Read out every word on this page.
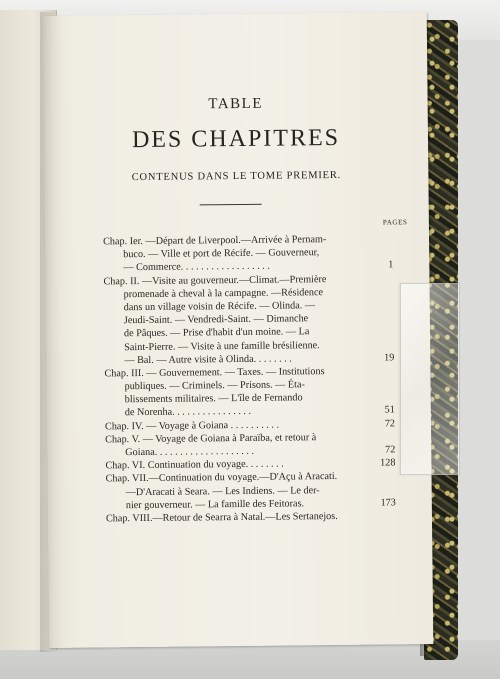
TABLE
DES CHAPITRES
CONTENUS DANS LE TOME PREMIER.
PAGES
Chap. Ier. —Départ de Liverpool.—Arrivée à Pernam-
buco. — Ville et port de Récife. — Gouverneur,
— Commerce. . . . . . . . . . . . . . . . . .	1
Chap. II. —Visite au gouverneur.—Climat.—Première
promenade à cheval à la campagne. —Résidence
dans un village voisin de Récife. — Olinda. —
Jeudi-Saint. — Vendredi-Saint. — Dimanche
de Pâques. — Prise d'habit d'un moine. — La
Saint-Pierre. — Visite à une famille brésilienne.
— Bal. — Autre visite à Olinda. . . . . . . .	19
Chap. III. — Gouvernement. — Taxes. — Institutions
publiques. — Criminels. — Prisons. — Éta-
blissements militaires. — L'île de Fernando
de Norenha. . . . . . . . . . . . . . . .	51
Chap. IV. — Voyage à Goiana . . . . . . . . . .	72
Chap. V. — Voyage de Goiana à Paraïba, et retour à
Goiana. . . . . . . . . . . . . . . . . . . .	72
Chap. VI. Continuation du voyage. . . . . . . .	128
Chap. VII.—Continuation du voyage.—D'Açu à Aracati.
—D'Aracati à Seara. — Les Indiens. — Le der-
nier gouverneur. — La famille des Feitoras.	173
Chap. VIII.—Retour de Searra à Natal.—Les Sertanejos.
